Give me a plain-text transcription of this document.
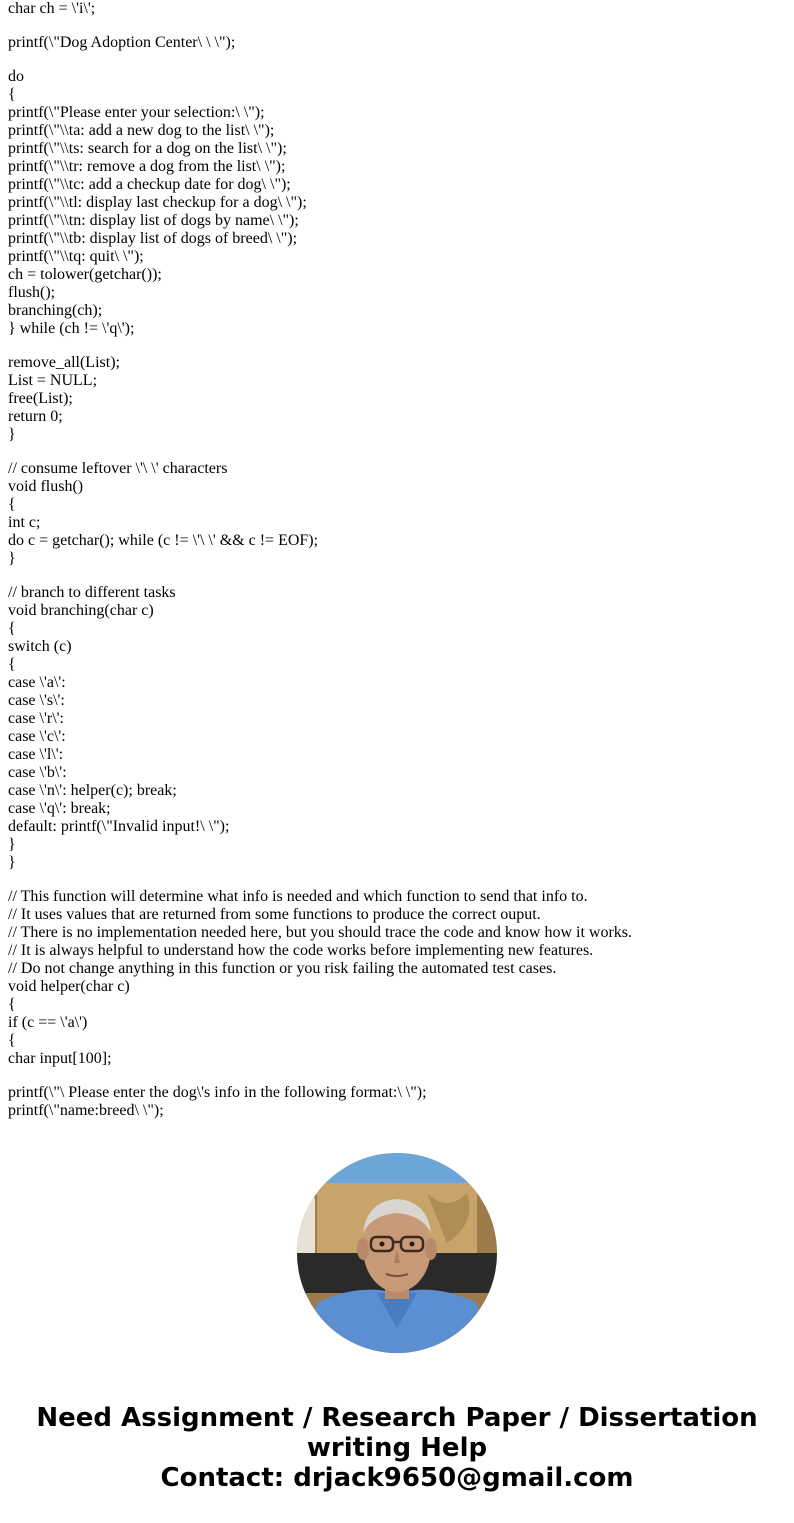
char ch = \'i\';
printf(\"Dog Adoption Center\ \ \");
do
{
printf(\"Please enter your selection:\ \");
printf(\"\\ta: add a new dog to the list\ \");
printf(\"\\ts: search for a dog on the list\ \");
printf(\"\\tr: remove a dog from the list\ \");
printf(\"\\tc: add a checkup date for dog\ \");
printf(\"\\tl: display last checkup for a dog\ \");
printf(\"\\tn: display list of dogs by name\ \");
printf(\"\\tb: display list of dogs of breed\ \");
printf(\"\\tq: quit\ \");
ch = tolower(getchar());
flush();
branching(ch);
} while (ch != \'q\');
remove_all(List);
List = NULL;
free(List);
return 0;
}
// consume leftover \'\ \' characters
void flush()
{
int c;
do c = getchar(); while (c != \'\ \' && c != EOF);
}
// branch to different tasks
void branching(char c)
{
switch (c)
{
case \'a\':
case \'s\':
case \'r\':
case \'c\':
case \'l\':
case \'b\':
case \'n\': helper(c); break;
case \'q\': break;
default: printf(\"Invalid input!\ \");
}
}
// This function will determine what info is needed and which function to send that info to.
// It uses values that are returned from some functions to produce the correct ouput.
// There is no implementation needed here, but you should trace the code and know how it works.
// It is always helpful to understand how the code works before implementing new features.
// Do not change anything in this function or you risk failing the automated test cases.
void helper(char c)
{
if (c == \'a\')
{
char input[100];
printf(\"\ Please enter the dog\'s info in the following format:\ \");
printf(\"name:breed\ \");
Need Assignment / Research Paper / Dissertation
writing Help
Contact: drjack9650@gmail.com
